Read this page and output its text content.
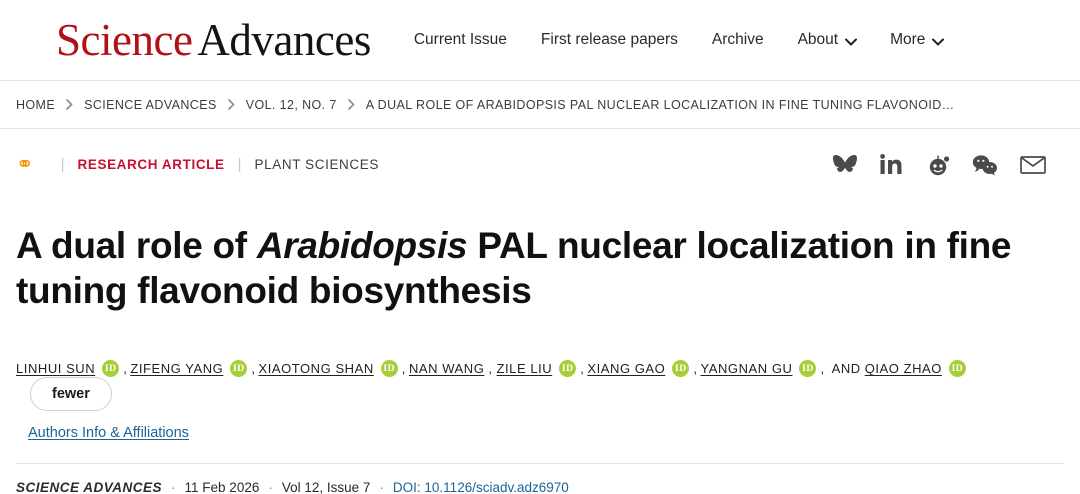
Science Advances	Current Issue First release papers Archive About	More
HOME SCIENCE ADVANCES VOL. 12, NO. 7 A DUAL ROLE OF ARABIDOPSIS PAL NUCLEAR LOCALIZATION IN FINE TUNING FLAVONOID…
⚭ | RESEARCH ARTICLE | PLANT SCIENCES
A dual role of Arabidopsis PAL nuclear localization in fine tuning flavonoid biosynthesis
LINHUI SUN ID , ZIFENG YANG ID , XIAOTONG SHAN ID , NAN WANG , ZILE LIU ID , XIANG GAO ID , YANGNAN GU ID , AND QIAO ZHAO ID
fewer
Authors Info & Affiliations
SCIENCE ADVANCES · 11 Feb 2026 · Vol 12, Issue 7 · DOI: 10.1126/sciadv.adz6970
